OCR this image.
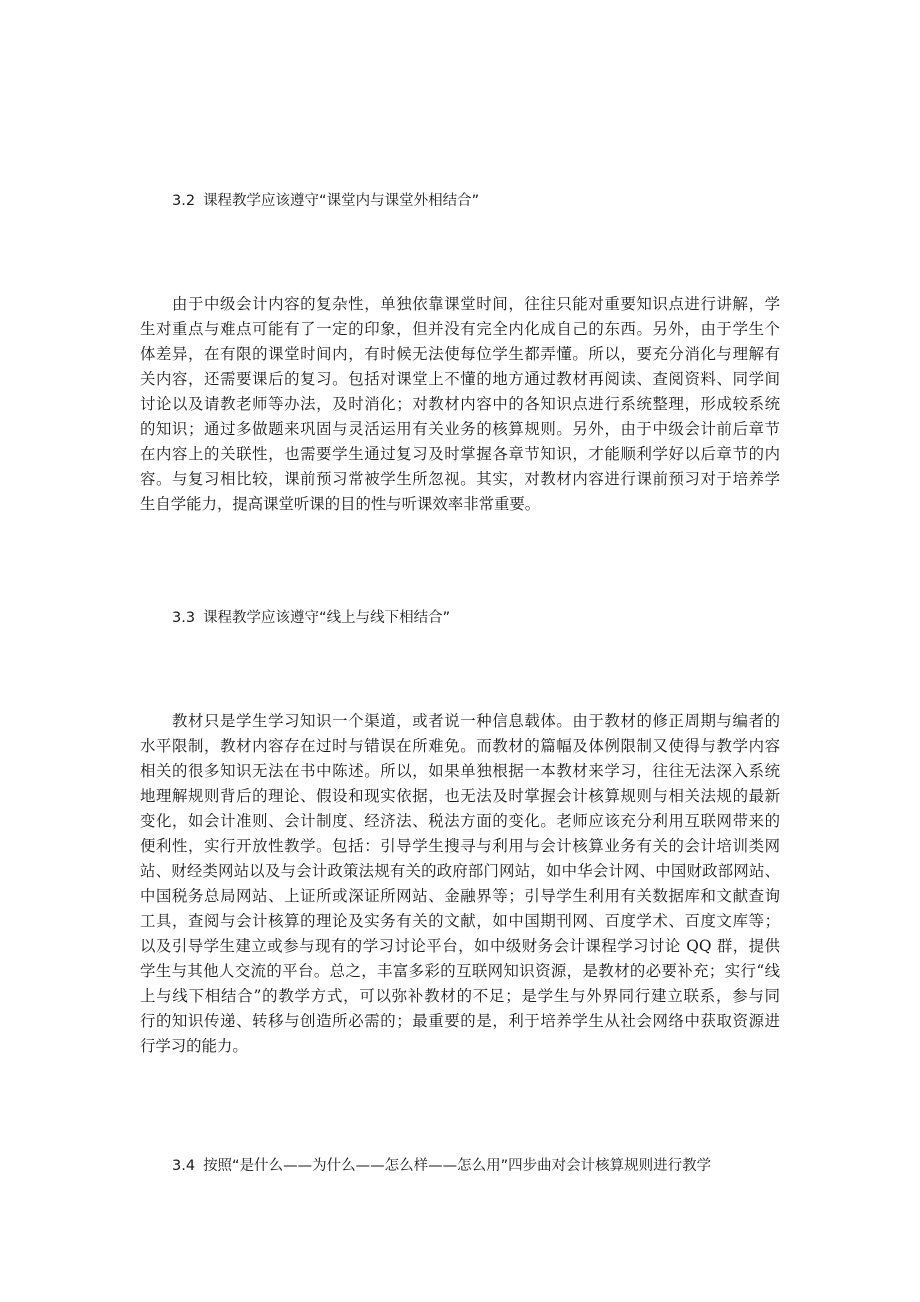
3.2 课程教学应该遵守“课堂内与课堂外相结合”
由于中级会计内容的复杂性，单独依靠课堂时间，往往只能对重要知识点进行讲解，学
生对重点与难点可能有了一定的印象，但并没有完全内化成自己的东西。另外，由于学生个
体差异，在有限的课堂时间内，有时候无法使每位学生都弄懂。所以，要充分消化与理解有
关内容，还需要课后的复习。包括对课堂上不懂的地方通过教材再阅读、查阅资料、同学间
讨论以及请教老师等办法，及时消化；对教材内容中的各知识点进行系统整理，形成较系统
的知识；通过多做题来巩固与灵活运用有关业务的核算规则。另外，由于中级会计前后章节
在内容上的关联性，也需要学生通过复习及时掌握各章节知识，才能顺利学好以后章节的内
容。与复习相比较，课前预习常被学生所忽视。其实，对教材内容进行课前预习对于培养学
生自学能力，提高课堂听课的目的性与听课效率非常重要。
3.3 课程教学应该遵守“线上与线下相结合”
教材只是学生学习知识一个渠道，或者说一种信息载体。由于教材的修正周期与编者的
水平限制，教材内容存在过时与错误在所难免。而教材的篇幅及体例限制又使得与教学内容
相关的很多知识无法在书中陈述。所以，如果单独根据一本教材来学习，往往无法深入系统
地理解规则背后的理论、假设和现实依据，也无法及时掌握会计核算规则与相关法规的最新
变化，如会计准则、会计制度、经济法、税法方面的变化。老师应该充分利用互联网带来的
便利性，实行开放性教学。包括：引导学生搜寻与利用与会计核算业务有关的会计培训类网
站、财经类网站以及与会计政策法规有关的政府部门网站，如中华会计网、中国财政部网站、
中国税务总局网站、上证所或深证所网站、金融界等；引导学生利用有关数据库和文献查询
工具，查阅与会计核算的理论及实务有关的文献，如中国期刊网、百度学术、百度文库等；
以及引导学生建立或参与现有的学习讨论平台，如中级财务会计课程学习讨论 QQ 群，提供
学生与其他人交流的平台。总之，丰富多彩的互联网知识资源，是教材的必要补充；实行“线
上与线下相结合”的教学方式，可以弥补教材的不足；是学生与外界同行建立联系，参与同
行的知识传递、转移与创造所必需的；最重要的是，利于培养学生从社会网络中获取资源进
行学习的能力。
3.4 按照“是什么——为什么——怎么样——怎么用”四步曲对会计核算规则进行教学
